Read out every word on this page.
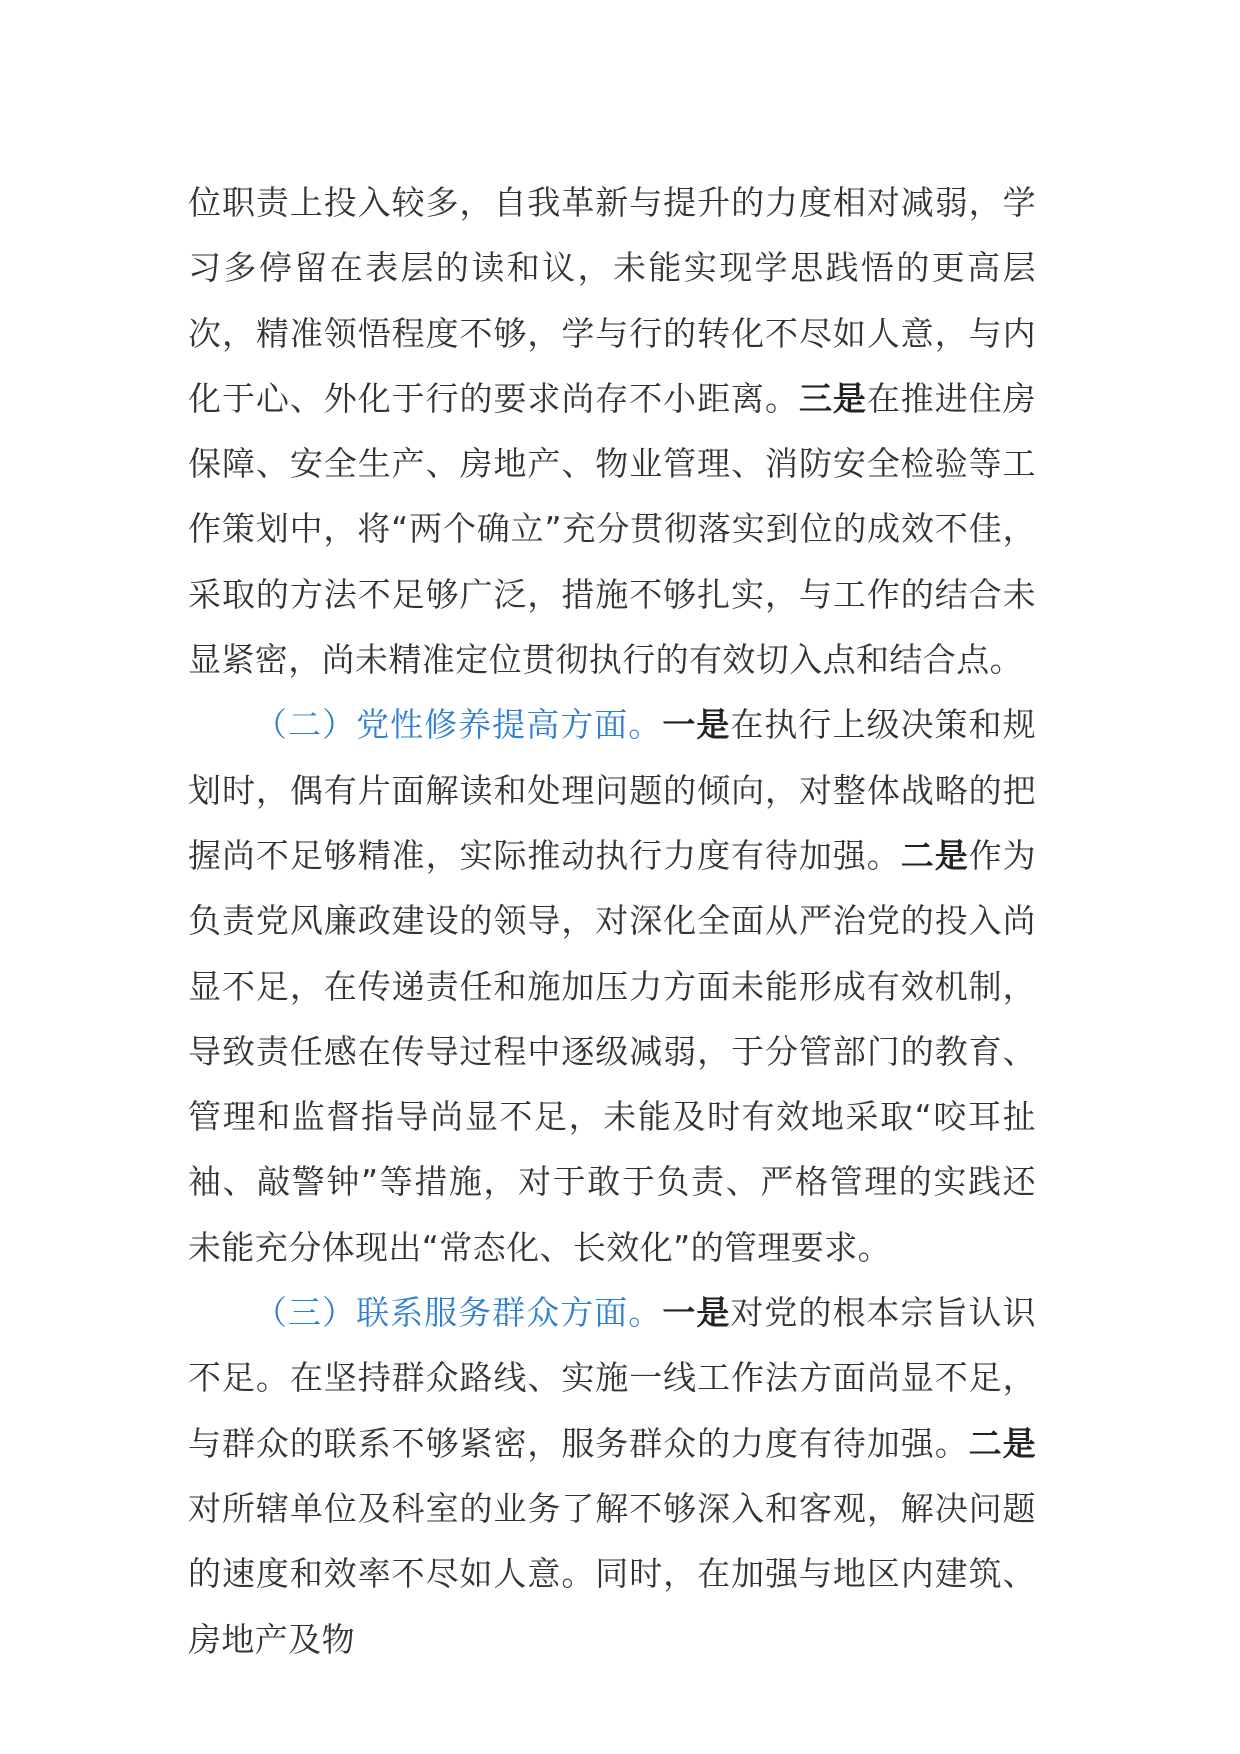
位职责上投入较多，自我革新与提升的力度相对减弱，学习多停留在表层的读和议，未能实现学思践悟的更高层次，精准领悟程度不够，学与行的转化不尽如人意，与内化于心、外化于行的要求尚存不小距离。三是在推进住房保障、安全生产、房地产、物业管理、消防安全检验等工作策划中，将“两个确立”充分贯彻落实到位的成效不佳，采取的方法不足够广泛，措施不够扎实，与工作的结合未显紧密，尚未精准定位贯彻执行的有效切入点和结合点。

（二）党性修养提高方面。一是在执行上级决策和规划时，偶有片面解读和处理问题的倾向，对整体战略的把握尚不足够精准，实际推动执行力度有待加强。二是作为负责党风廉政建设的领导，对深化全面从严治党的投入尚显不足，在传递责任和施加压力方面未能形成有效机制，导致责任感在传导过程中逐级减弱，于分管部门的教育、管理和监督指导尚显不足，未能及时有效地采取“咬耳扯袖、敲警钟”等措施，对于敢于负责、严格管理的实践还未能充分体现出“常态化、长效化”的管理要求。

（三）联系服务群众方面。一是对党的根本宗旨认识不足。在坚持群众路线、实施一线工作法方面尚显不足，与群众的联系不够紧密，服务群众的力度有待加强。二是对所辖单位及科室的业务了解不够深入和客观，解决问题的速度和效率不尽如人意。同时，在加强与地区内建筑、房地产及物
